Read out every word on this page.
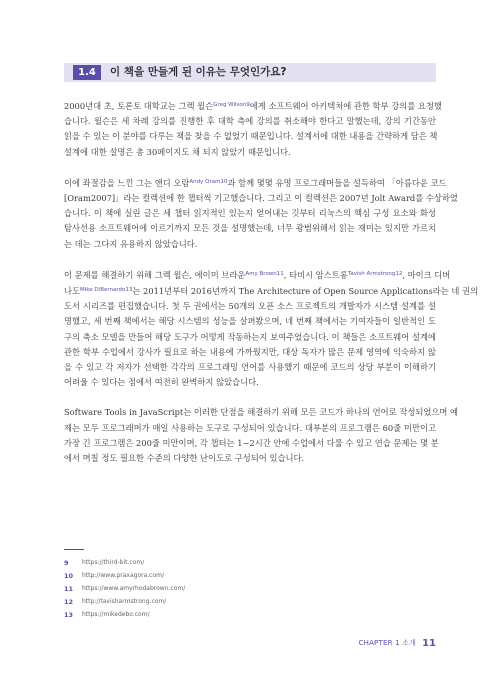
1.4	이 책을 만들게 된 이유는 무엇인가요?
2000년대 초, 토론토 대학교는 그렉 윌슨$^{Greg Wilson9}$에게 소프트웨어 아키텍처에 관한 학부 강의를 요청했
습니다. 윌슨은 세 차례 강의를 진행한 후 대학 측에 강의를 취소해야 한다고 말했는데, 강의 기간동안
읽을 수 있는 이 분야를 다루는 책을 찾을 수 없었기 때문입니다. 설계서에 대한 내용을 간략하게 담은 책
설계에 대한 설명은 총 30페이지도 채 되지 않았기 때문입니다.
이에 좌절감을 느낀 그는 앤디 오람$^{Andy Oram10}$과 함께 몇몇 유명 프로그래머들을 설득하여 「아름다운 코드
[Oram2007]」라는 컬렉션에 한 챕터씩 기고했습니다. 그리고 이 컬렉션은 2007년 Jolt Award를 수상하였
습니다. 이 책에 실린 글은 세 챕터 읽지적인 있는지 얻어내는 깃부터 리눅스의 핵심 구성 요소와 화성
탐사선용 소프트웨어에 이르기까지 모든 것을 설명했는데, 너무 광범위해서 읽는 재미는 있지만 가르치
는 데는 그다지 유용하지 않았습니다.
이 문제를 해결하기 위해 그렉 윌슨, 에이미 브라운$^{Amy Brown11}$, 타비시 암스트롱$^{Tavish Armstrong12}$, 마이크 디버
나도$^{Mike DiBernardo13}$는 2011년부터 2016년까지 The Architecture of Open Source Applications라는 네 권의
도서 시리즈를 편집했습니다. 첫 두 권에서는 50개의 오픈 소스 프로젝트의 개발자가 시스템 설계를 설
명했고, 세 번째 책에서는 해당 시스템의 성능을 살펴봤으며, 네 번째 책에서는 기여자들이 일반적인 도
구의 축소 모델을 만들어 해당 도구가 어떻게 작동하는지 보여주었습니다. 이 책들은 소프트웨어 설계에
관한 학부 수업에서 강사가 필요로 하는 내용에 가까웠지만, 대상 독자가 많은 문제 영역에 익숙하지 않
을 수 있고 각 저자가 선택한 각각의 프로그래밍 언어를 사용했기 때문에 코드의 상당 부분이 이해하기
어려울 수 있다는 점에서 여전히 완벽하지 않았습니다.
Software Tools in JavaScript는 이러한 단점을 해결하기 위해 모든 코드가 하나의 언어로 작성되었으며 예
제는 모두 프로그래머가 매일 사용하는 도구로 구성되어 있습니다. 대부분의 프로그램은 60줄 미만이고
가장 긴 프로그램은 200줄 미만이며, 각 챕터는 1~2시간 안에 수업에서 다룰 수 있고 연습 문제는 몇 분
에서 며칠 정도 필요한 수준의 다양한 난이도로 구성되어 있습니다.
9	https://third-bit.com/
10	http://www.praxagora.com/
11	https://www.amyrhodabrown.com/
12	http://tavisharmstrong.com/
13	https://mikedebo.com/
CHAPTER 1 소개 11
